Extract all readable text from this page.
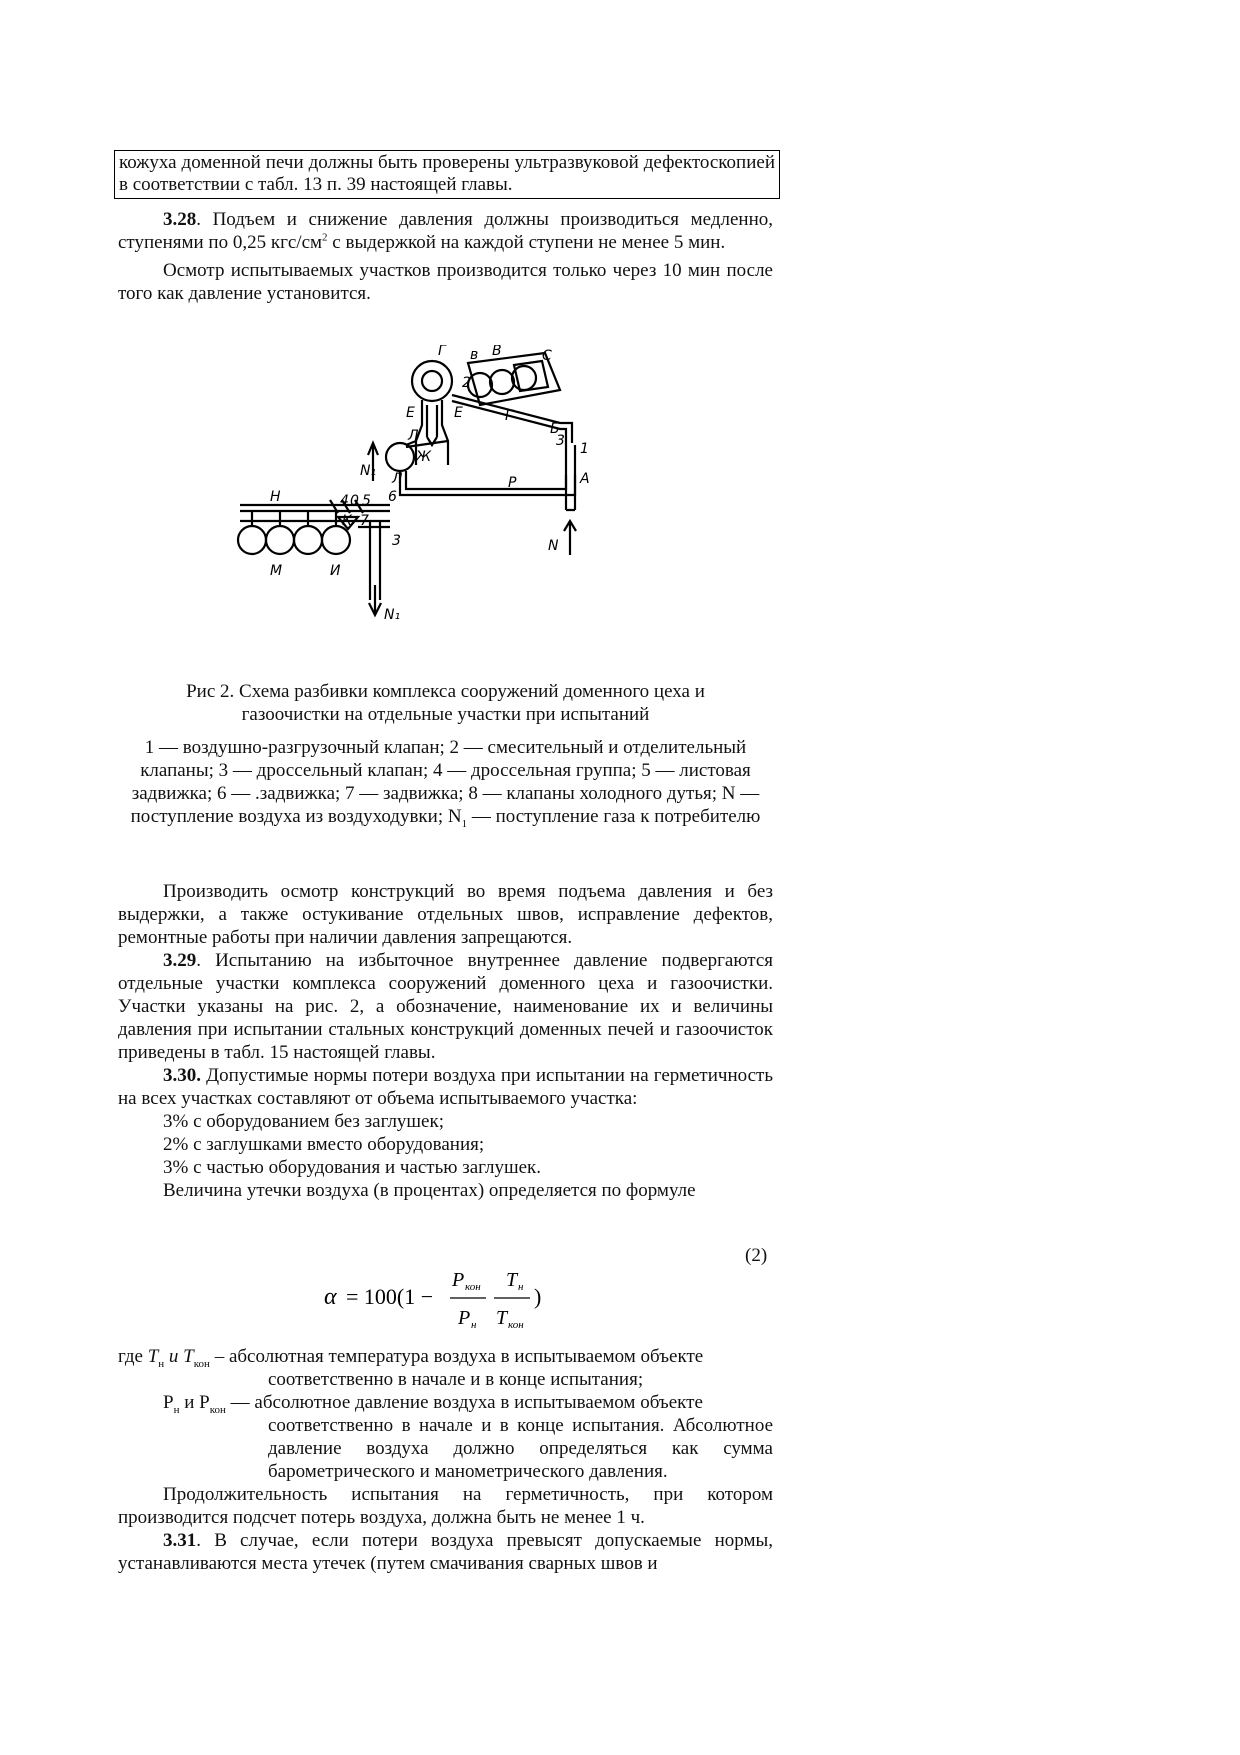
кожуха доменной печи должны быть проверены ультразвуковой дефектоскопией в соответствии с табл. 13 п. 39 настоящей главы.

3.28. Подъем и снижение давления должны производиться медленно, ступенями по 0,25 кгс/$см^2$ с выдержкой на каждой ступени не менее 5 мин.

Осмотр испытываемых участков производится только через 10 мин после того как давление установится.

Г в В	С
2
Е	Е	Г
Б
Л
Ж
N₁ Л
3 1
А
Р
Н	4 0 5 6
К 7
3	N
М	И
N₁

Рис 2. Схема разбивки комплекса сооружений доменного цеха и

газоочистки на отдельные участки при испытаний

1 — воздушно-разгрузочный клапан; 2 — смесительный и отделительный клапаны; 3 — дроссельный клапан; 4 — дроссельная группа; 5 — листовая задвижка; 6 — .задвижка; 7 — задвижка; 8 — клапаны холодного дутья; N — поступление воздуха из воздуходувки; $N_1$ — поступление газа к потребителю

Производить осмотр конструкций во время подъема давления и без выдержки, а также остукивание отдельных швов, исправление дефектов, ремонтные работы при наличии давления запрещаются.

3.29. Испытанию на избыточное внутреннее давление подвергаются отдельные участки комплекса сооружений доменного цеха и газоочистки. Участки указаны на рис. 2, а обозначение, наименование их и величины давления при испытании стальных конструкций доменных печей и газоочисток приведены в табл. 15 настоящей главы.

3.30. Допустимые нормы потери воздуха при испытании на герметичность на всех участках составляют от объема испытываемого участка:

3% с оборудованием без заглушек;

2% с заглушками вместо оборудования;

3% с частью оборудования и частью заглушек.

Величина утечки воздуха (в процентах) определяется по формуле

(2)
α = 100(1 −
P кон T н
P н T кон
)

где $T_н$ и $T_{кон}$ – абсолютная температура воздуха в испытываемом объекте
соответственно в начале и в конце испытания;

$P_н$ и $P_{кон}$ — абсолютное давление воздуха в испытываемом объекте
соответственно в начале и в конце испытания. Абсолютное давление воздуха должно определяться как сумма барометрического и манометрического давления.

Продолжительность испытания на герметичность, при котором производится подсчет потерь воздуха, должна быть не менее 1 ч.

3.31. В случае, если потери воздуха превысят допускаемые нормы, устанавливаются места утечек (путем смачивания сварных швов и
